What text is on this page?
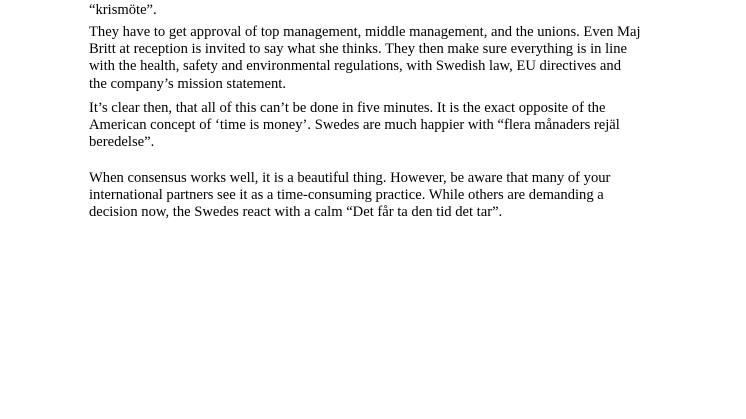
“krismöte”.

They have to get approval of top management, middle management, and the unions. Even Maj
Britt at reception is invited to say what she thinks. They then make sure everything is in line
with the health, safety and environmental regulations, with Swedish law, EU directives and
the company’s mission statement.

It’s clear then, that all of this can’t be done in five minutes. It is the exact opposite of the
American concept of ‘time is money’. Swedes are much happier with “flera månaders rejäl
beredelse”.

When consensus works well, it is a beautiful thing. However, be aware that many of your
international partners see it as a time-consuming practice. While others are demanding a
decision now, the Swedes react with a calm “Det får ta den tid det tar”.
